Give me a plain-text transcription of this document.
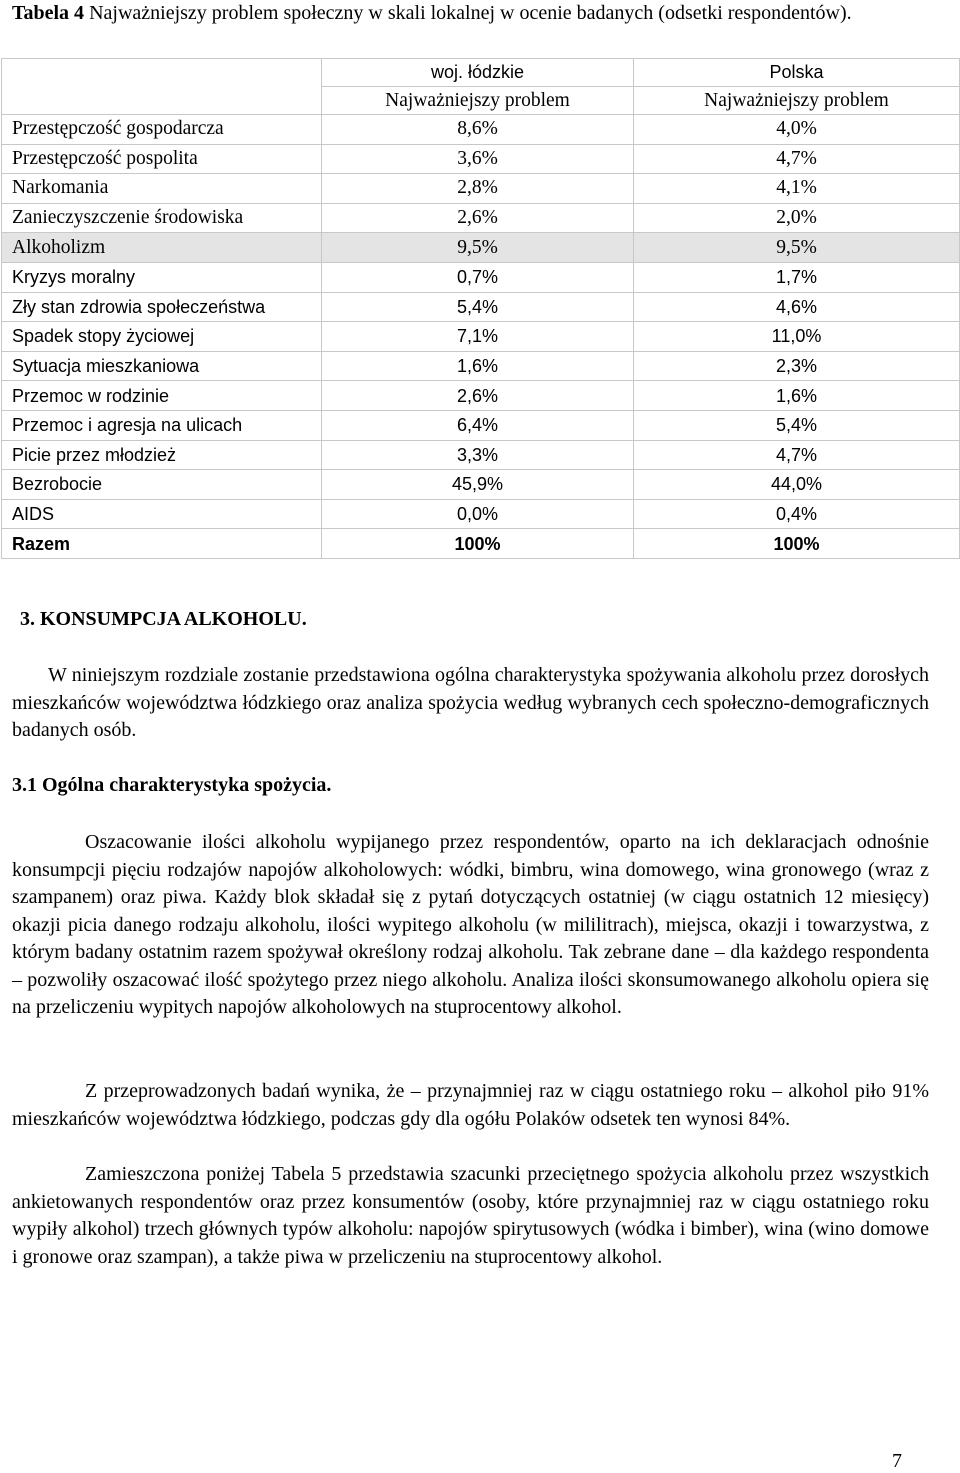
Tabela 4 Najważniejszy problem społeczny w skali lokalnej w ocenie badanych (odsetki respondentów).
	woj. łódzkie	Polska
	Najważniejszy problem	Najważniejszy problem
Przestępczość gospodarcza	8,6%	4,0%
Przestępczość pospolita	3,6%	4,7%
Narkomania	2,8%	4,1%
Zanieczyszczenie środowiska	2,6%	2,0%
Alkoholizm	9,5%	9,5%
Kryzys moralny	0,7%	1,7%
Zły stan zdrowia społeczeństwa	5,4%	4,6%
Spadek stopy życiowej	7,1%	11,0%
Sytuacja mieszkaniowa	1,6%	2,3%
Przemoc w rodzinie	2,6%	1,6%
Przemoc i agresja na ulicach	6,4%	5,4%
Picie przez młodzież	3,3%	4,7%
Bezrobocie	45,9%	44,0%
AIDS	0,0%	0,4%
Razem	100%	100%
3. KONSUMPCJA ALKOHOLU.

W niniejszym rozdziale zostanie przedstawiona ogólna charakterystyka spożywania alkoholu przez dorosłych mieszkańców województwa łódzkiego oraz analiza spożycia według wybranych cech społeczno-demograficznych badanych osób.

3.1 Ogólna charakterystyka spożycia.

Oszacowanie ilości alkoholu wypijanego przez respondentów, oparto na ich deklaracjach odnośnie konsumpcji pięciu rodzajów napojów alkoholowych: wódki, bimbru, wina domowego, wina gronowego (wraz z szampanem) oraz piwa. Każdy blok składał się z pytań dotyczących ostatniej (w ciągu ostatnich 12 miesięcy) okazji picia danego rodzaju alkoholu, ilości wypitego alkoholu (w mililitrach), miejsca, okazji i towarzystwa, z którym badany ostatnim razem spożywał określony rodzaj alkoholu. Tak zebrane dane – dla każdego respondenta – pozwoliły oszacować ilość spożytego przez niego alkoholu. Analiza ilości skonsumowanego alkoholu opiera się na przeliczeniu wypitych napojów alkoholowych na stuprocentowy alkohol.

Z przeprowadzonych badań wynika, że – przynajmniej raz w ciągu ostatniego roku – alkohol piło 91% mieszkańców województwa łódzkiego, podczas gdy dla ogółu Polaków odsetek ten wynosi 84%.

Zamieszczona poniżej Tabela 5 przedstawia szacunki przeciętnego spożycia alkoholu przez wszystkich ankietowanych respondentów oraz przez konsumentów (osoby, które przynajmniej raz w ciągu ostatniego roku wypiły alkohol) trzech głównych typów alkoholu: napojów spirytusowych (wódka i bimber), wina (wino domowe i gronowe oraz szampan), a także piwa w przeliczeniu na stuprocentowy alkohol.

7
